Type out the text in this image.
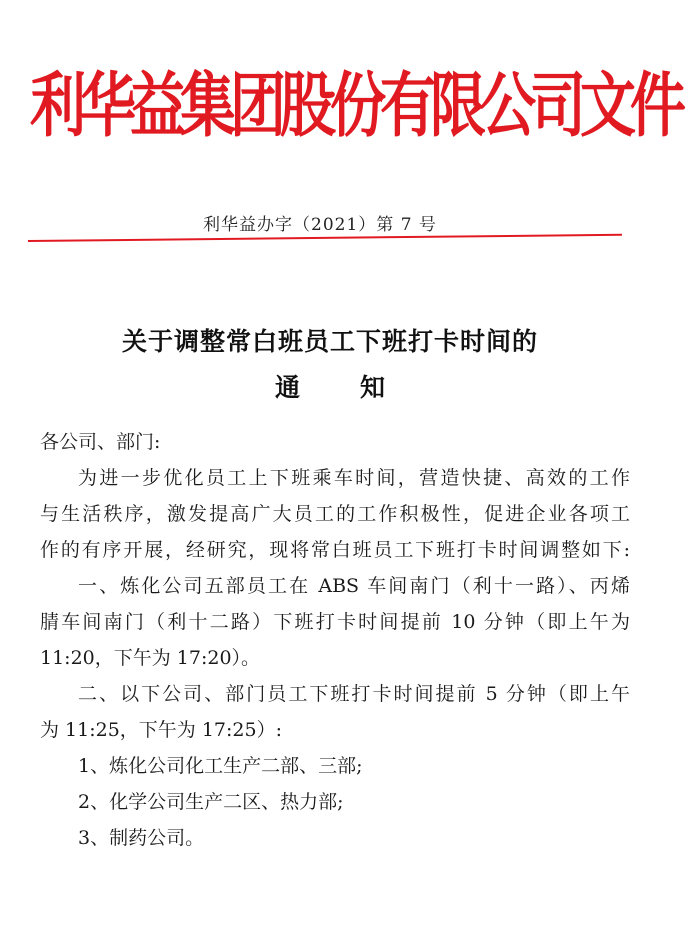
利华益集团股份有限公司文件
利华益办字（2021）第 7 号
关于调整常白班员工下班打卡时间的
通 知
各公司、部门:
为进一步优化员工上下班乘车时间，营造快捷、高效的工作
与生活秩序，激发提高广大员工的工作积极性，促进企业各项工
作的有序开展，经研究，现将常白班员工下班打卡时间调整如下:
一、炼化公司五部员工在 ABS 车间南门（利十一路）、丙烯
腈车间南门（利十二路）下班打卡时间提前 10 分钟（即上午为
11:20，下午为 17:20）。
二、以下公司、部门员工下班打卡时间提前 5 分钟（即上午
为 11:25，下午为 17:25）:
1、炼化公司化工生产二部、三部;
2、化学公司生产二区、热力部;
3、制药公司。
